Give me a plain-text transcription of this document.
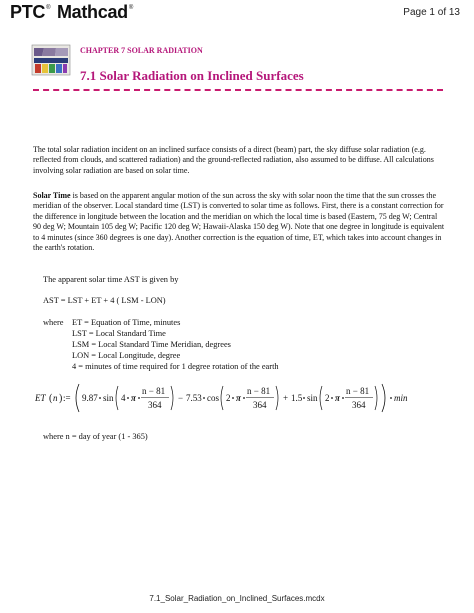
PTC® Mathcad®	Page 1 of 13
CHAPTER 7 SOLAR RADIATION
7.1 Solar Radiation on Inclined Surfaces
The total solar radiation incident on an inclined surface consists of a direct (beam) part, the sky diffuse solar radiation (e.g. reflected from clouds, and scattered radiation) and the ground-reflected radiation, also assumed to be diffuse. All calculations involving solar radiation are based on solar time.
Solar Time is based on the apparent angular motion of the sun across the sky with solar noon the time that the sun crosses the meridian of the observer. Local standard time (LST) is converted to solar time as follows. First, there is a constant correction for the difference in longitude between the location and the meridian on which the local time is based (Eastern, 75 deg W; Central 90 deg W; Mountain 105 deg W; Pacific 120 deg W; Hawaii-Alaska 150 deg W). Note that one degree in longitude is equivalent to 4 minutes (since 360 degrees is one day). Another correction is the equation of time, ET, which takes into account changes in the earth's rotation.
The apparent solar time AST is given by
AST = LST + ET + 4 ( LSM - LON)
where ET = Equation of Time, minutes
LST = Local Standard Time
LSM = Local Standard Time Meridian, degrees
LON = Local Longitude, degree
4 = minutes of time required for 1 degree rotation of the earth
ET ( n ) := 9.87 sin 4 π
n − 81
364
− 7.53 cos 2 π
n − 81
364
+ 1.5 sin 2 π
n − 81
364
min
where n = day of year (1 - 365)
7.1_Solar_Radiation_on_Inclined_Surfaces.mcdx
